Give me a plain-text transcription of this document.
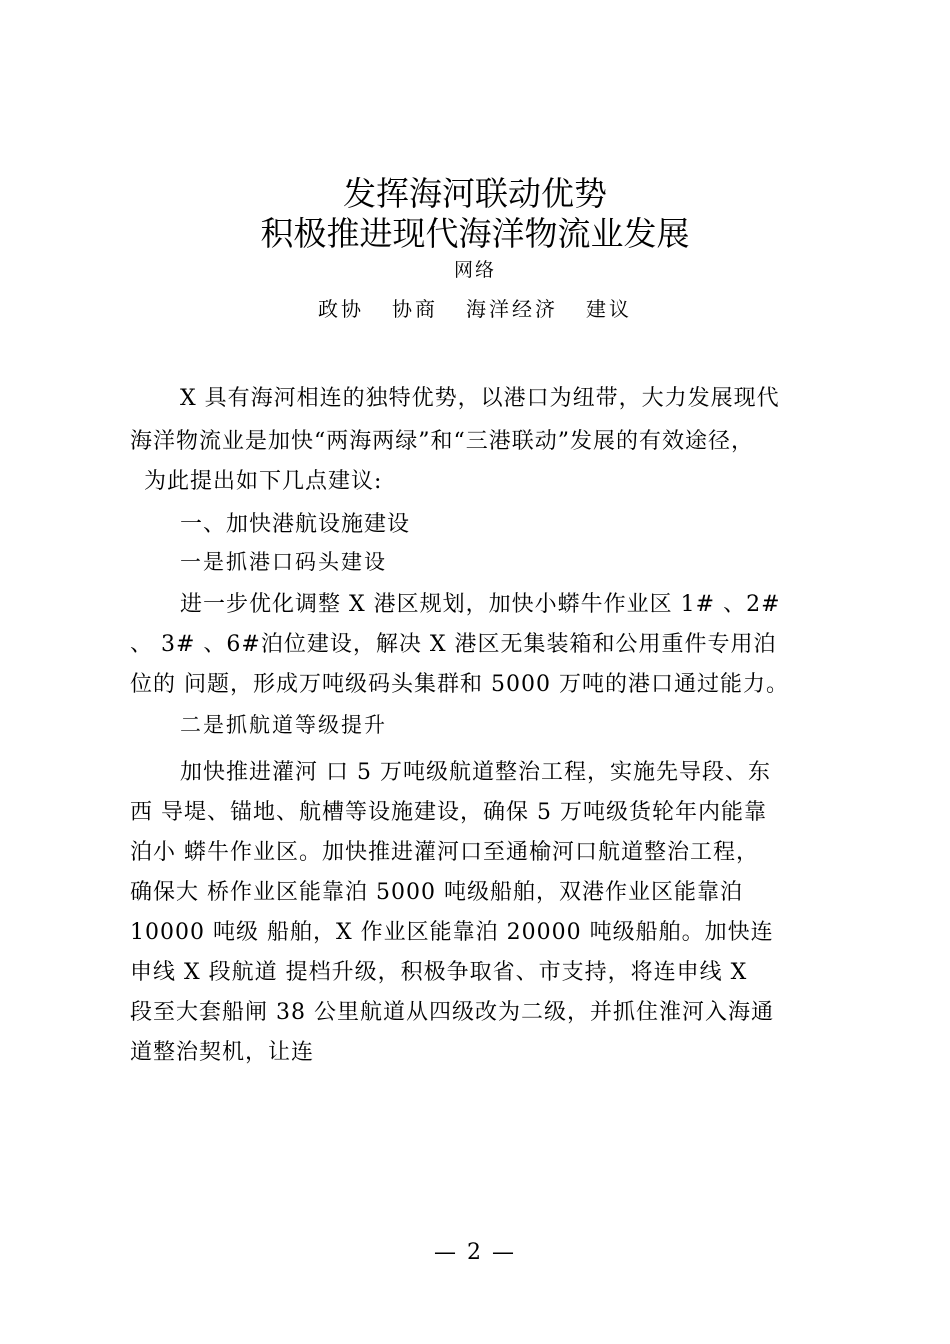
发挥海河联动优势
积极推进现代海洋物流业发展
网络
政协 协商 海洋经济 建议
X 具有海河相连的独特优势，以港口为纽带，大力发展现代
海洋物流业是加快“两海两绿”和“三港联动”发展的有效途径，
为此提出如下几点建议:
一、加快港航设施建设
一是抓港口码头建设
进一步优化调整 X 港区规划，加快小蟒牛作业区 1# 、2#
、 3# 、6#泊位建设，解决 X 港区无集装箱和公用重件专用泊
位的 问题，形成万吨级码头集群和 5000 万吨的港口通过能力。
二是抓航道等级提升
加快推进灌河 口 5 万吨级航道整治工程，实施先导段、东
西 导堤、锚地、航槽等设施建设，确保 5 万吨级货轮年内能靠
泊小 蟒牛作业区。加快推进灌河口至通榆河口航道整治工程，
确保大 桥作业区能靠泊 5000 吨级船舶，双港作业区能靠泊
10000 吨级 船舶，X 作业区能靠泊 20000 吨级船舶。加快连
申线 X 段航道 提档升级，积极争取省、市支持，将连申线 X
段至大套船闸 38 公里航道从四级改为二级，并抓住淮河入海通
道整治契机，让连
— 2 —
